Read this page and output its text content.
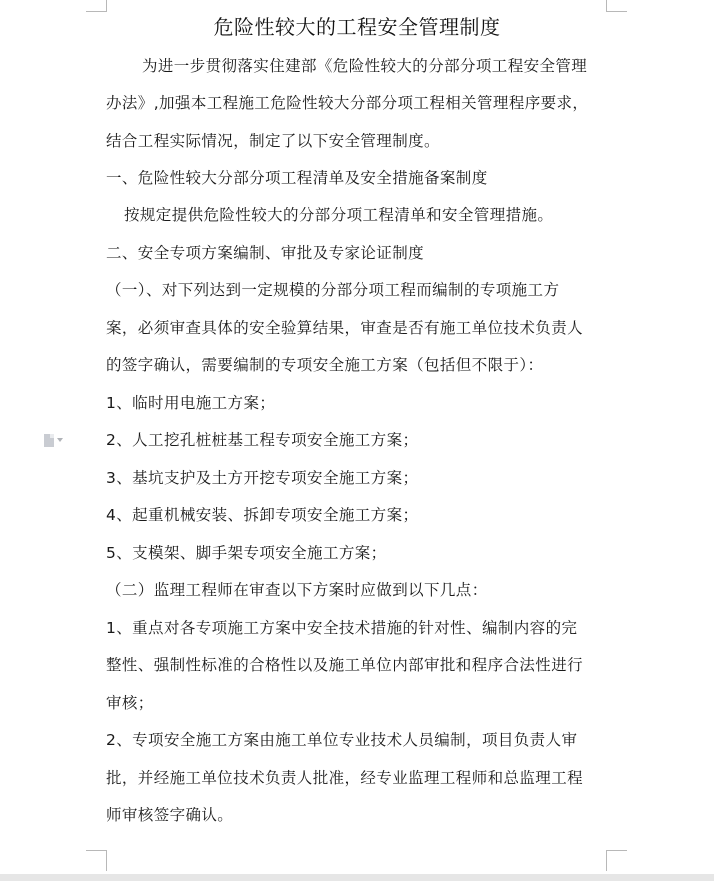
危险性较大的工程安全管理制度
为进一步贯彻落实住建部《危险性较大的分部分项工程安全管理
办法》,加强本工程施工危险性较大分部分项工程相关管理程序要求，
结合工程实际情况，制定了以下安全管理制度。
一、危险性较大分部分项工程清单及安全措施备案制度
按规定提供危险性较大的分部分项工程清单和安全管理措施。
二、安全专项方案编制、审批及专家论证制度
（一）、对下列达到一定规模的分部分项工程而编制的专项施工方
案，必须审查具体的安全验算结果，审查是否有施工单位技术负责人
的签字确认，需要编制的专项安全施工方案（包括但不限于）：
1、临时用电施工方案；
2、人工挖孔桩桩基工程专项安全施工方案；
3、基坑支护及土方开挖专项安全施工方案；
4、起重机械安装、拆卸专项安全施工方案；
5、支模架、脚手架专项安全施工方案；
（二）监理工程师在审查以下方案时应做到以下几点：
1、重点对各专项施工方案中安全技术措施的针对性、编制内容的完
整性、强制性标准的合格性以及施工单位内部审批和程序合法性进行
审核；
2、专项安全施工方案由施工单位专业技术人员编制，项目负责人审
批，并经施工单位技术负责人批准，经专业监理工程师和总监理工程
师审核签字确认。
